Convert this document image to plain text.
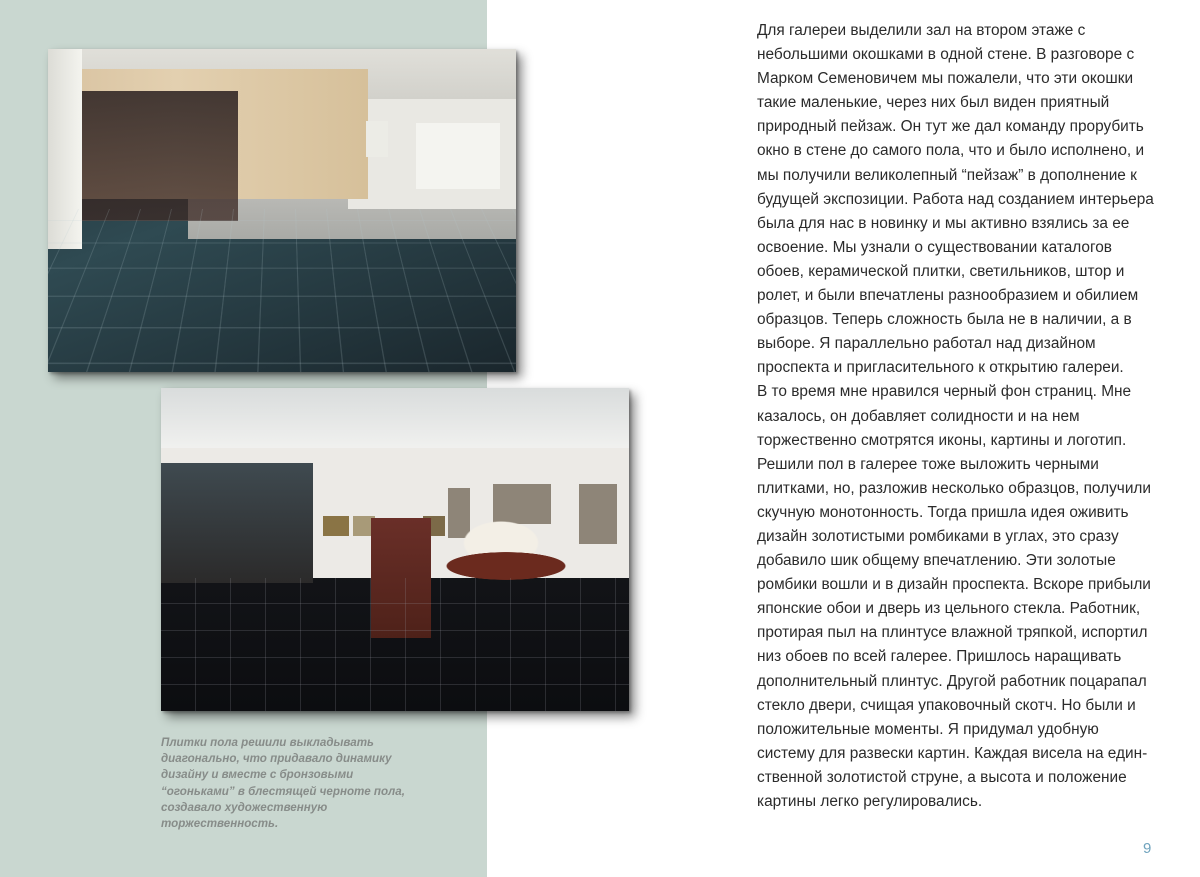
Плитки пола решили выкладывать
диагонально, что придавало динамику
дизайну и вместе с бронзовыми
“огоньками” в блестящей черноте пола,
создавало художественную
торжественность.

Для галереи выделили зал на втором этаже с
небольшими окошками в одной стене. В разговоре с
Марком Семеновичем мы пожалели, что эти окошки
такие маленькие, через них был виден приятный
природный пейзаж. Он тут же дал команду прорубить
окно в стене до самого пола, что и было исполнено, и
мы получили великолепный “пейзаж” в дополнение к
будущей экспозиции. Работа над созданием интерьера
была для нас в новинку и мы активно взялись за ее
освоение. Мы узнали о существовании каталогов
обоев, керамической плитки, светильников, штор и
ролет, и были впечатлены разнообразием и обилием
образцов. Теперь сложность была не в наличии, а в
выборе. Я параллельно работал над дизайном
проспекта и пригласительного к открытию галереи.
В то время мне нравился черный фон страниц. Мне
казалось, он добавляет солидности и на нем
торжественно смотрятся иконы, картины и логотип.
Решили пол в галерее тоже выложить черными
плитками, но, разложив несколько образцов, получили
скучную монотонность. Тогда пришла идея оживить
дизайн золотистыми ромбиками в углах, это сразу
добавило шик общему впечатлению. Эти золотые
ромбики вошли и в дизайн проспекта. Вскоре прибыли
японские обои и дверь из цельного стекла. Работник,
протирая пыл на плинтусе влажной тряпкой, испортил
низ обоев по всей галерее. Пришлось наращивать
дополнительный плинтус. Другой работник поцарапал
стекло двери, счищая упаковочный скотч. Но были и
положительные моменты. Я придумал удобную
систему для развески картин. Каждая висела на един-
ственной золотистой струне, а высота и положение
картины легко регулировались.
9
